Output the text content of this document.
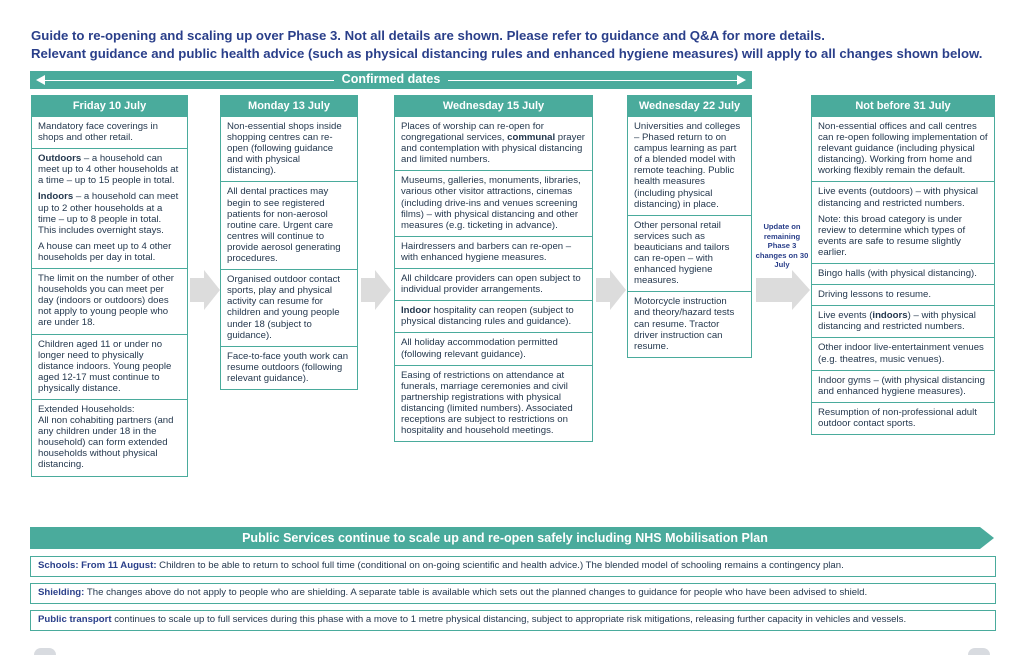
Guide to re-opening and scaling up over Phase 3. Not all details are shown. Please refer to guidance and Q&A for more details.
Relevant guidance and public health advice (such as physical distancing rules and enhanced hygiene measures) will apply to all changes shown below.
Confirmed dates
Friday 10 July

Mandatory face coverings in shops and other retail.

Outdoors – a household can meet up to 4 other households at a time – up to 15 people in total.

Indoors – a household can meet up to 2 other households at a time – up to 8 people in total. This includes overnight stays.

A house can meet up to 4 other households per day in total.

The limit on the number of other households you can meet per day (indoors or outdoors) does not apply to young people who are under 18.

Children aged 11 or under no longer need to physically distance indoors. Young people aged 12-17 must continue to physically distance.

Extended Households:
All non cohabiting partners (and any children under 18 in the household) can form extended households without physical distancing.

Monday 13 July

Non-essential shops inside shopping centres can re-open (following guidance and with physical distancing).

All dental practices may begin to see registered patients for non-aerosol routine care. Urgent care centres will continue to provide aerosol generating procedures.

Organised outdoor contact sports, play and physical activity can resume for children and young people under 18 (subject to guidance).

Face-to-face youth work can resume outdoors (following relevant guidance).

Wednesday 15 July

Places of worship can re-open for congregational services, communal prayer and contemplation with physical distancing and limited numbers.

Museums, galleries, monuments, libraries, various other visitor attractions, cinemas (including drive-ins and venues screening films) – with physical distancing and other measures (e.g. ticketing in advance).

Hairdressers and barbers can re-open – with enhanced hygiene measures.

All childcare providers can open subject to individual provider arrangements.

Indoor hospitality can reopen (subject to physical distancing rules and guidance).

All holiday accommodation permitted (following relevant guidance).

Easing of restrictions on attendance at funerals, marriage ceremonies and civil partnership registrations with physical distancing (limited numbers). Associated receptions are subject to restrictions on hospitality and household meetings.

Wednesday 22 July

Universities and colleges – Phased return to on campus learning as part of a blended model with remote teaching. Public health measures (including physical distancing) in place.

Other personal retail services such as beauticians and tailors can re-open – with enhanced hygiene measures.

Motorcycle instruction and theory/hazard tests can resume. Tractor driver instruction can resume.

Not before 31 July

Non-essential offices and call centres can re-open following implementation of relevant guidance (including physical distancing). Working from home and working flexibly remain the default.

Live events (outdoors) – with physical distancing and restricted numbers.

Note: this broad category is under review to determine which types of events are safe to resume slightly earlier.

Bingo halls (with physical distancing).

Driving lessons to resume.

Live events (indoors) – with physical distancing and restricted numbers.

Other indoor live-entertainment venues (e.g. theatres, music venues).

Indoor gyms – (with physical distancing and enhanced hygiene measures).

Resumption of non-professional adult outdoor contact sports.

Update on remaining Phase 3 changes on 30 July
Public Services continue to scale up and re-open safely including NHS Mobilisation Plan
Schools: From 11 August: Children to be able to return to school full time (conditional on on-going scientific and health advice.) The blended model of schooling remains a contingency plan.
Shielding: The changes above do not apply to people who are shielding. A separate table is available which sets out the planned changes to guidance for people who have been advised to shield.
Public transport continues to scale up to full services during this phase with a move to 1 metre physical distancing, subject to appropriate risk mitigations, releasing further capacity in vehicles and vessels.
